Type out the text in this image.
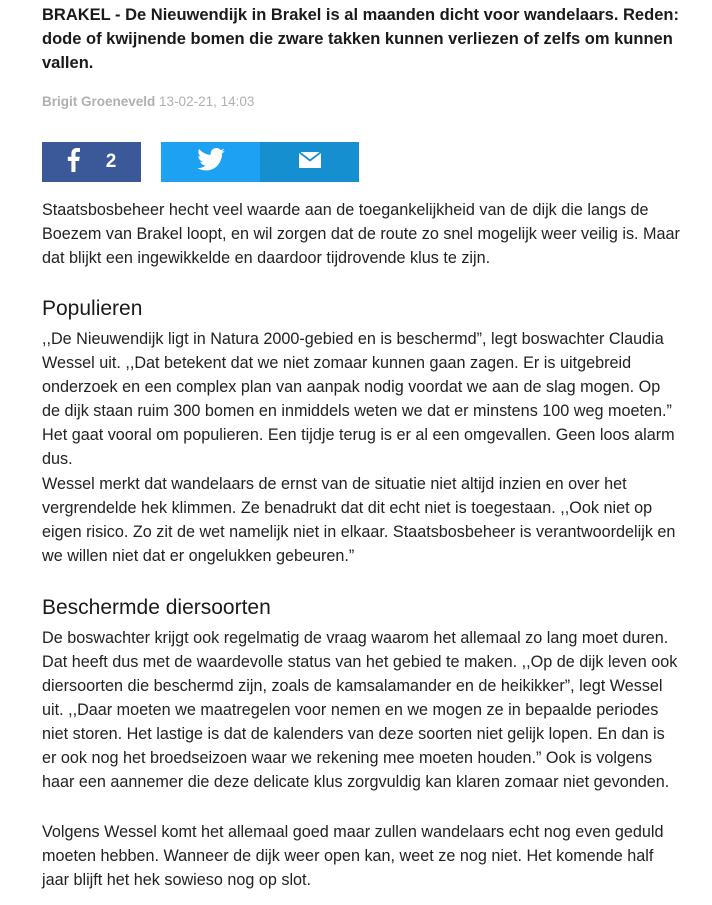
BRAKEL - De Nieuwendijk in Brakel is al maanden dicht voor wandelaars. Reden: dode of kwijnende bomen die zware takken kunnen verliezen of zelfs om kunnen vallen.

Brigit Groeneveld 13-02-21, 14:03
2

Staatsbosbeheer hecht veel waarde aan de toegankelijkheid van de dijk die langs de Boezem van Brakel loopt, en wil zorgen dat de route zo snel mogelijk weer veilig is. Maar dat blijkt een ingewikkelde en daardoor tijdrovende klus te zijn.

Populieren

,,De Nieuwendijk ligt in Natura 2000-gebied en is beschermd”, legt boswachter Claudia Wessel uit. ,,Dat betekent dat we niet zomaar kunnen gaan zagen. Er is uitgebreid onderzoek en een complex plan van aanpak nodig voordat we aan de slag mogen. Op de dijk staan ruim 300 bomen en inmiddels weten we dat er minstens 100 weg moeten.” Het gaat vooral om populieren. Een tijdje terug is er al een omgevallen. Geen loos alarm dus.

Wessel merkt dat wandelaars de ernst van de situatie niet altijd inzien en over het vergrendelde hek klimmen. Ze benadrukt dat dit echt niet is toegestaan. ,,Ook niet op eigen risico. Zo zit de wet namelijk niet in elkaar. Staatsbosbeheer is verantwoordelijk en we willen niet dat er ongelukken gebeuren.”

Beschermde diersoorten

De boswachter krijgt ook regelmatig de vraag waarom het allemaal zo lang moet duren. Dat heeft dus met de waardevolle status van het gebied te maken. ,,Op de dijk leven ook diersoorten die beschermd zijn, zoals de kamsalamander en de heikikker”, legt Wessel uit. ,,Daar moeten we maatregelen voor nemen en we mogen ze in bepaalde periodes niet storen. Het lastige is dat de kalenders van deze soorten niet gelijk lopen. En dan is er ook nog het broedseizoen waar we rekening mee moeten houden.” Ook is volgens haar een aannemer die deze delicate klus zorgvuldig kan klaren zomaar niet gevonden.

Volgens Wessel komt het allemaal goed maar zullen wandelaars echt nog even geduld moeten hebben. Wanneer de dijk weer open kan, weet ze nog niet. Het komende half jaar blijft het hek sowieso nog op slot.
